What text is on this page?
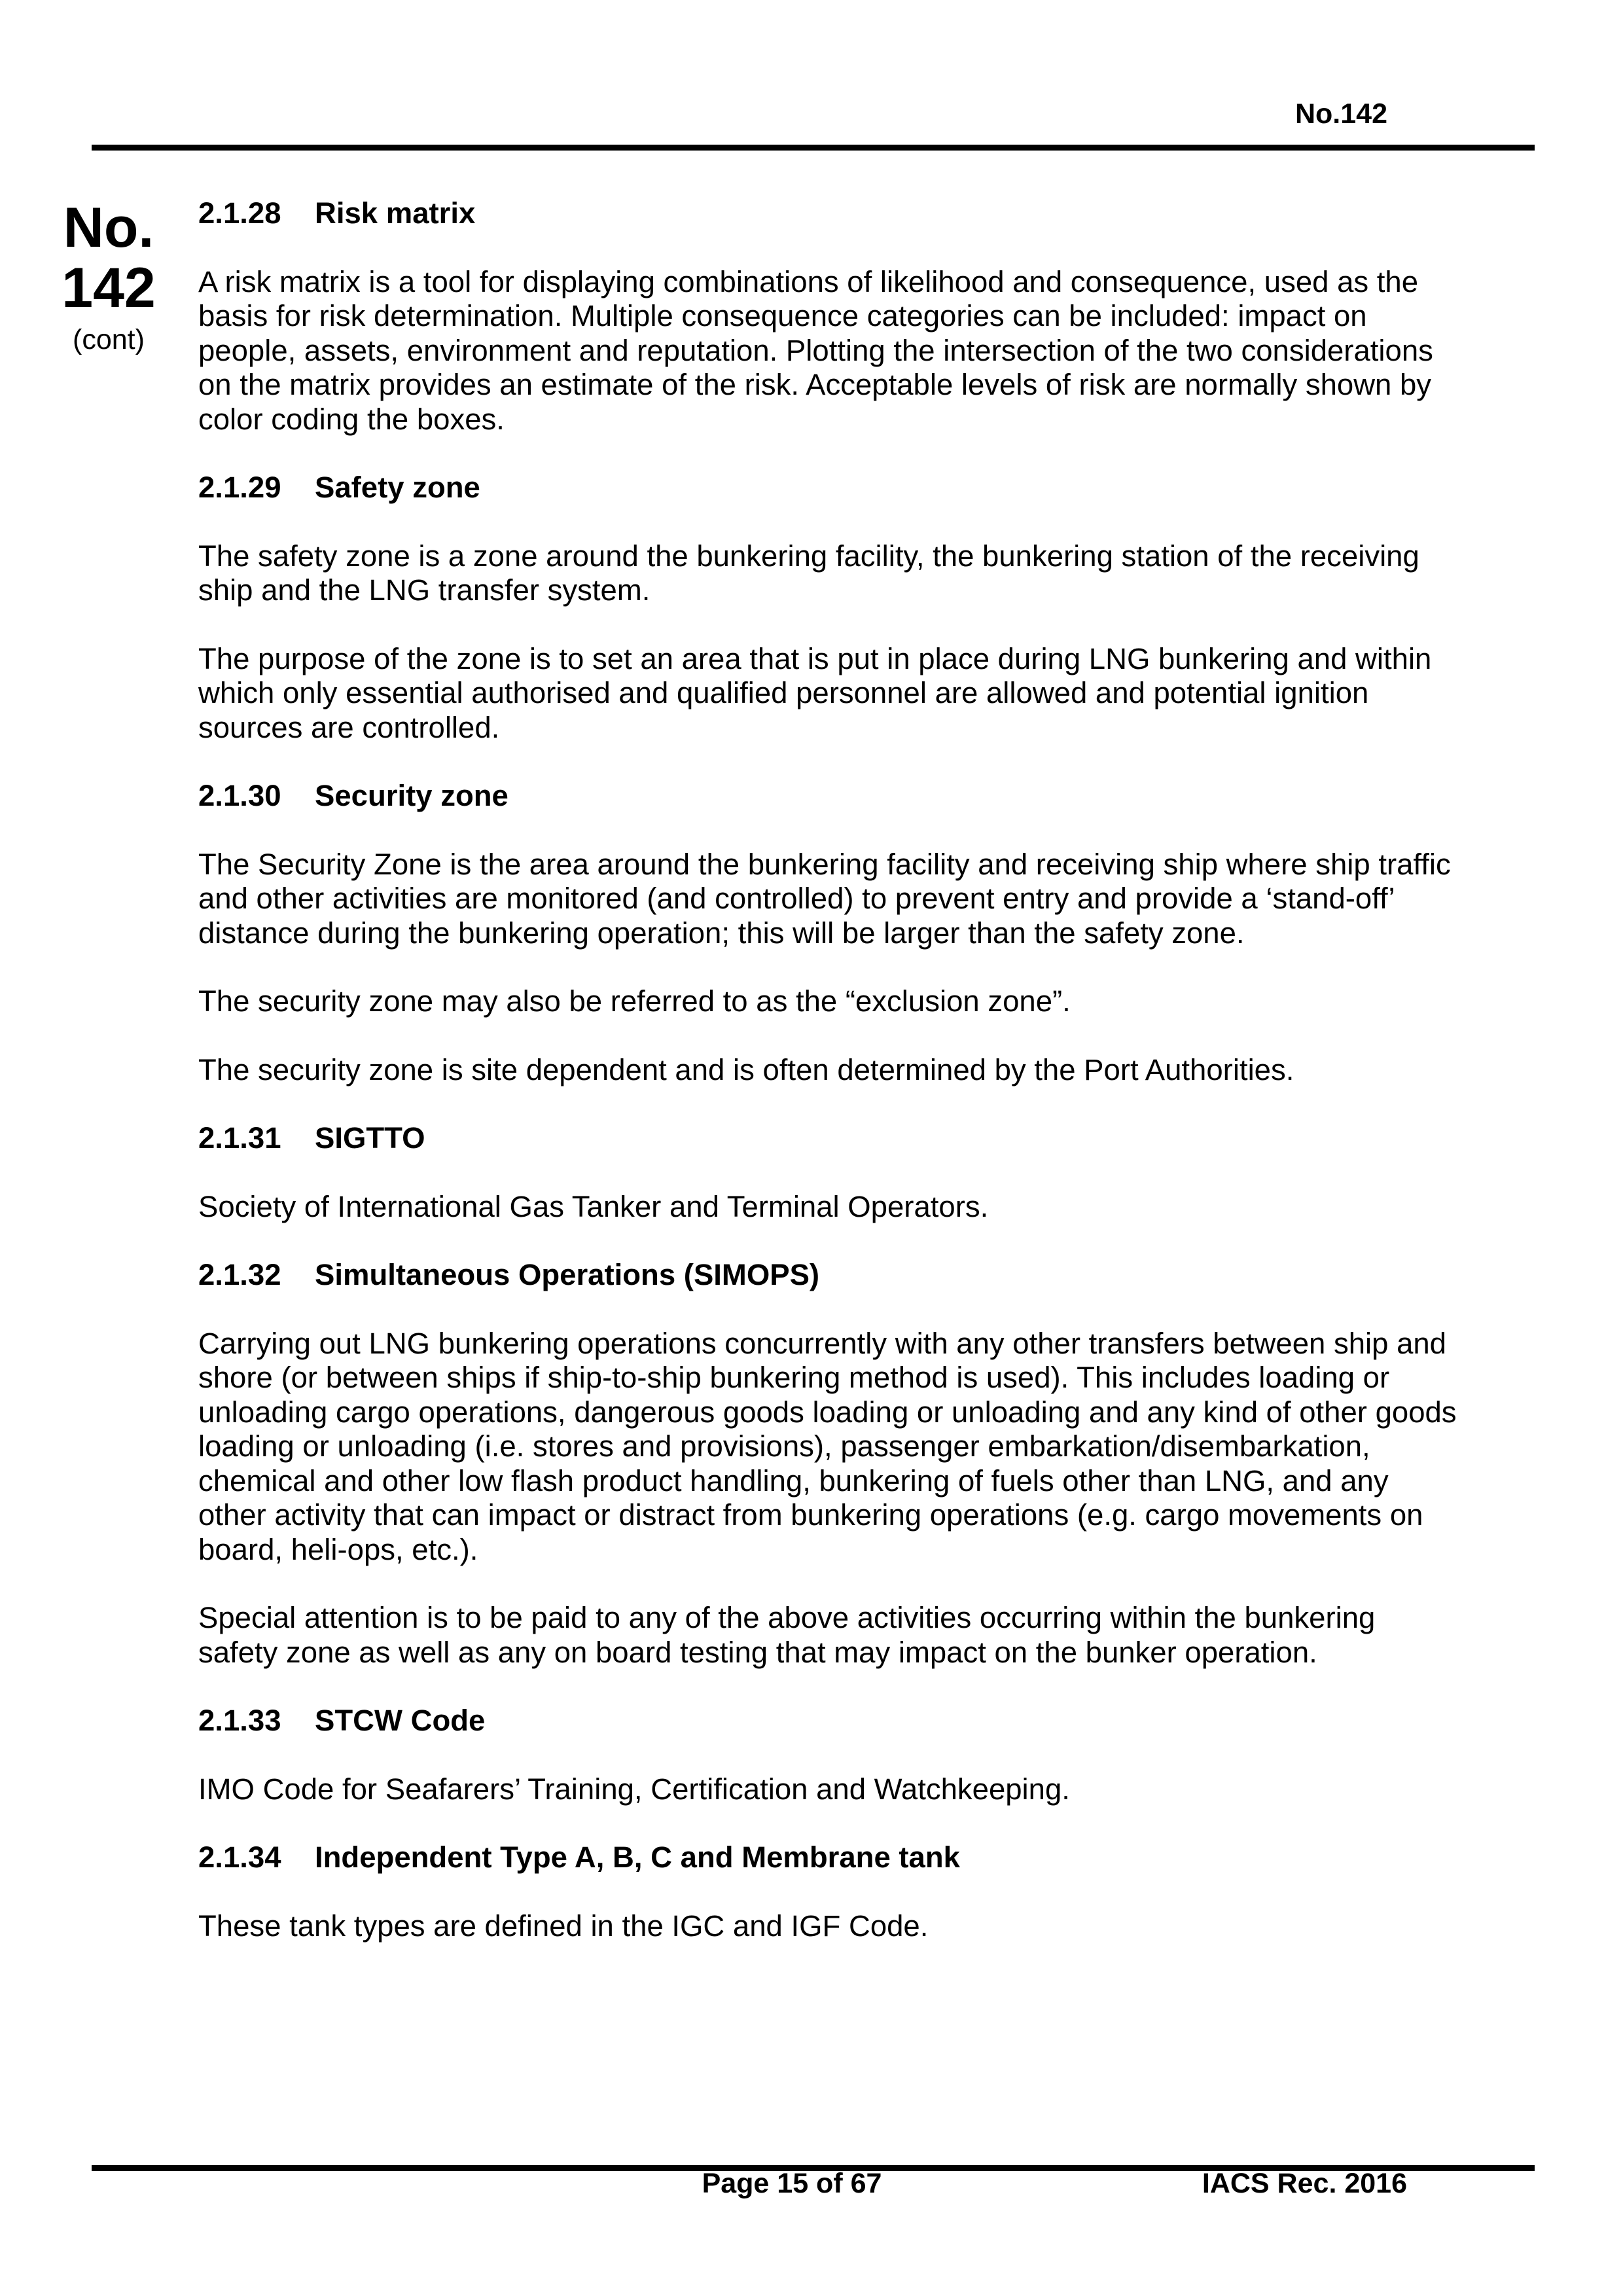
No.142
No.
142
(cont)
2.1.28	Risk matrix

A risk matrix is a tool for displaying combinations of likelihood and consequence, used as the basis for risk determination. Multiple consequence categories can be included: impact on people, assets, environment and reputation. Plotting the intersection of the two considerations on the matrix provides an estimate of the risk. Acceptable levels of risk are normally shown by color coding the boxes.

2.1.29	Safety zone

The safety zone is a zone around the bunkering facility, the bunkering station of the receiving ship and the LNG transfer system.

The purpose of the zone is to set an area that is put in place during LNG bunkering and within which only essential authorised and qualified personnel are allowed and potential ignition sources are controlled.

2.1.30	Security zone

The Security Zone is the area around the bunkering facility and receiving ship where ship traffic and other activities are monitored (and controlled) to prevent entry and provide a ‘stand-off’ distance during the bunkering operation; this will be larger than the safety zone.

The security zone may also be referred to as the “exclusion zone”.

The security zone is site dependent and is often determined by the Port Authorities.

2.1.31	SIGTTO

Society of International Gas Tanker and Terminal Operators.

2.1.32	Simultaneous Operations (SIMOPS)

Carrying out LNG bunkering operations concurrently with any other transfers between ship and shore (or between ships if ship-to-ship bunkering method is used). This includes loading or unloading cargo operations, dangerous goods loading or unloading and any kind of other goods loading or unloading (i.e. stores and provisions), passenger embarkation/disembarkation, chemical and other low flash product handling, bunkering of fuels other than LNG, and any other activity that can impact or distract from bunkering operations (e.g. cargo movements on board, heli-ops, etc.).

Special attention is to be paid to any of the above activities occurring within the bunkering safety zone as well as any on board testing that may impact on the bunker operation.

2.1.33	STCW Code

IMO Code for Seafarers’ Training, Certification and Watchkeeping.

2.1.34	Independent Type A, B, C and Membrane tank

These tank types are defined in the IGC and IGF Code.

Page 15 of 67	IACS Rec. 2016
